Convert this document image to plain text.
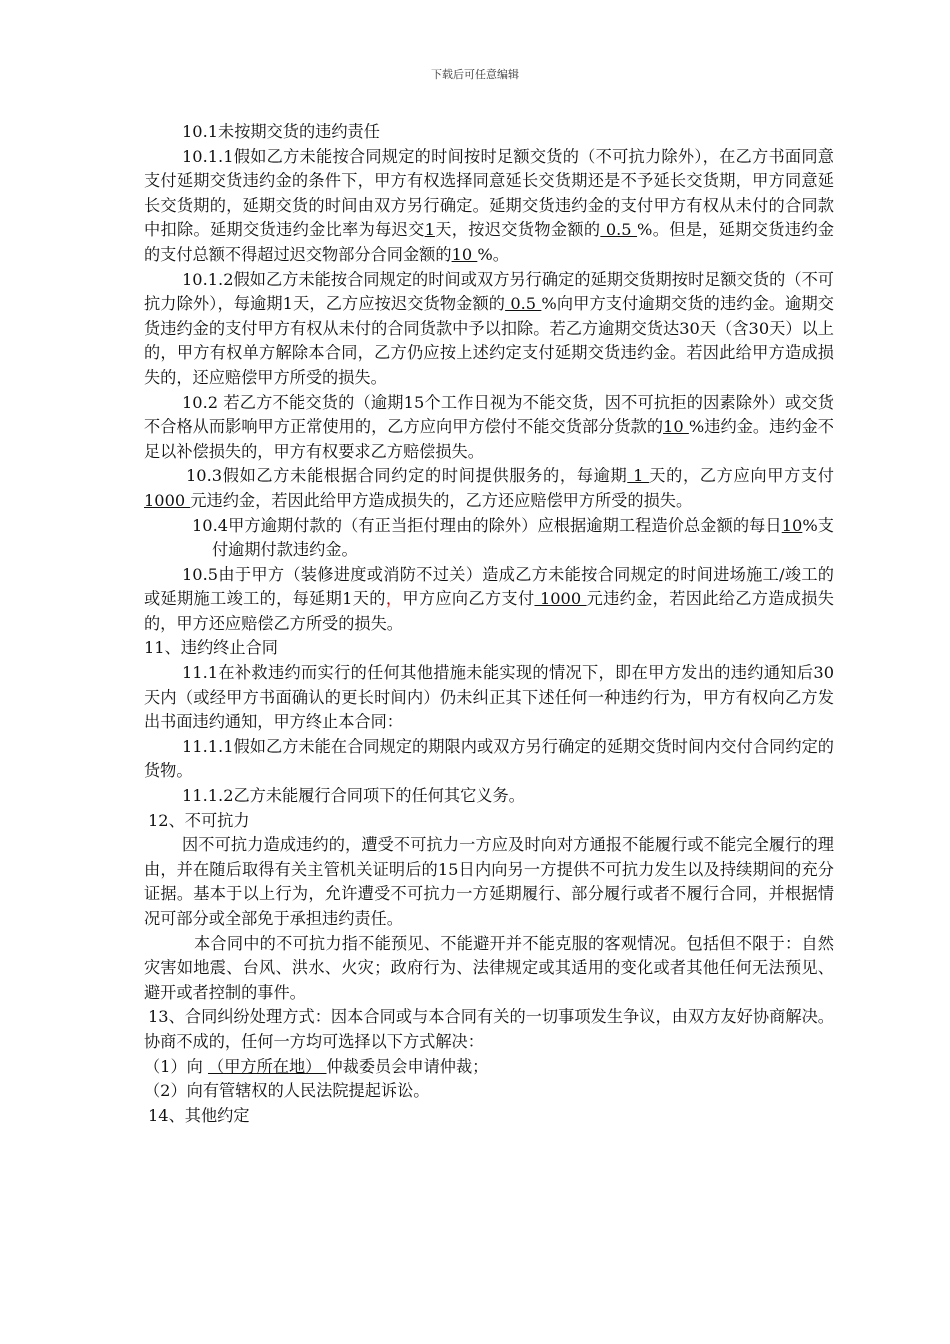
下载后可任意编辑

10.1未按期交货的违约责任

10.1.1假如乙方未能按合同规定的时间按时足额交货的（不可抗力除外），在乙方书面同意支付延期交货违约金的条件下，甲方有权选择同意延长交货期还是不予延长交货期，甲方同意延长交货期的，延期交货的时间由双方另行确定。延期交货违约金的支付甲方有权从未付的合同款中扣除。延期交货违约金比率为每迟交1天，按迟交货物金额的 0.5 %。但是，延期交货违约金的支付总额不得超过迟交物部分合同金额的10 %。

10.1.2假如乙方未能按合同规定的时间或双方另行确定的延期交货期按时足额交货的（不可抗力除外），每逾期1天，乙方应按迟交货物金额的 0.5 %向甲方支付逾期交货的违约金。逾期交货违约金的支付甲方有权从未付的合同货款中予以扣除。若乙方逾期交货达30天（含30天）以上的，甲方有权单方解除本合同，乙方仍应按上述约定支付延期交货违约金。若因此给甲方造成损失的，还应赔偿甲方所受的损失。

10.2 若乙方不能交货的（逾期15个工作日视为不能交货，因不可抗拒的因素除外）或交货不合格从而影响甲方正常使用的，乙方应向甲方偿付不能交货部分货款的10 %违约金。违约金不足以补偿损失的，甲方有权要求乙方赔偿损失。

10.3假如乙方未能根据合同约定的时间提供服务的，每逾期 1 天的，乙方应向甲方支付 1000 元违约金，若因此给甲方造成损失的，乙方还应赔偿甲方所受的损失。

10.4甲方逾期付款的（有正当拒付理由的除外）应根据逾期工程造价总金额的每日10%支付逾期付款违约金。

10.5由于甲方（装修进度或消防不过关）造成乙方未能按合同规定的时间进场施工/竣工的或延期施工竣工的，每延期1天的，甲方应向乙方支付 1000 元违约金，若因此给乙方造成损失的，甲方还应赔偿乙方所受的损失。

11、违约终止合同

11.1在补救违约而实行的任何其他措施未能实现的情况下，即在甲方发出的违约通知后30天内（或经甲方书面确认的更长时间内）仍未纠正其下述任何一种违约行为，甲方有权向乙方发出书面违约通知，甲方终止本合同：

11.1.1假如乙方未能在合同规定的期限内或双方另行确定的延期交货时间内交付合同约定的货物。

11.1.2乙方未能履行合同项下的任何其它义务。

12、不可抗力

因不可抗力造成违约的，遭受不可抗力一方应及时向对方通报不能履行或不能完全履行的理由，并在随后取得有关主管机关证明后的15日内向另一方提供不可抗力发生以及持续期间的充分证据。基本于以上行为，允许遭受不可抗力一方延期履行、部分履行或者不履行合同，并根据情况可部分或全部免于承担违约责任。

本合同中的不可抗力指不能预见、不能避开并不能克服的客观情况。包括但不限于：自然灾害如地震、台风、洪水、火灾；政府行为、法律规定或其适用的变化或者其他任何无法预见、避开或者控制的事件。

13、合同纠纷处理方式：因本合同或与本合同有关的一切事项发生争议，由双方友好协商解决。协商不成的，任何一方均可选择以下方式解决：

（1）向 （甲方所在地） 仲裁委员会申请仲裁；

（2）向有管辖权的人民法院提起诉讼。

14、其他约定
